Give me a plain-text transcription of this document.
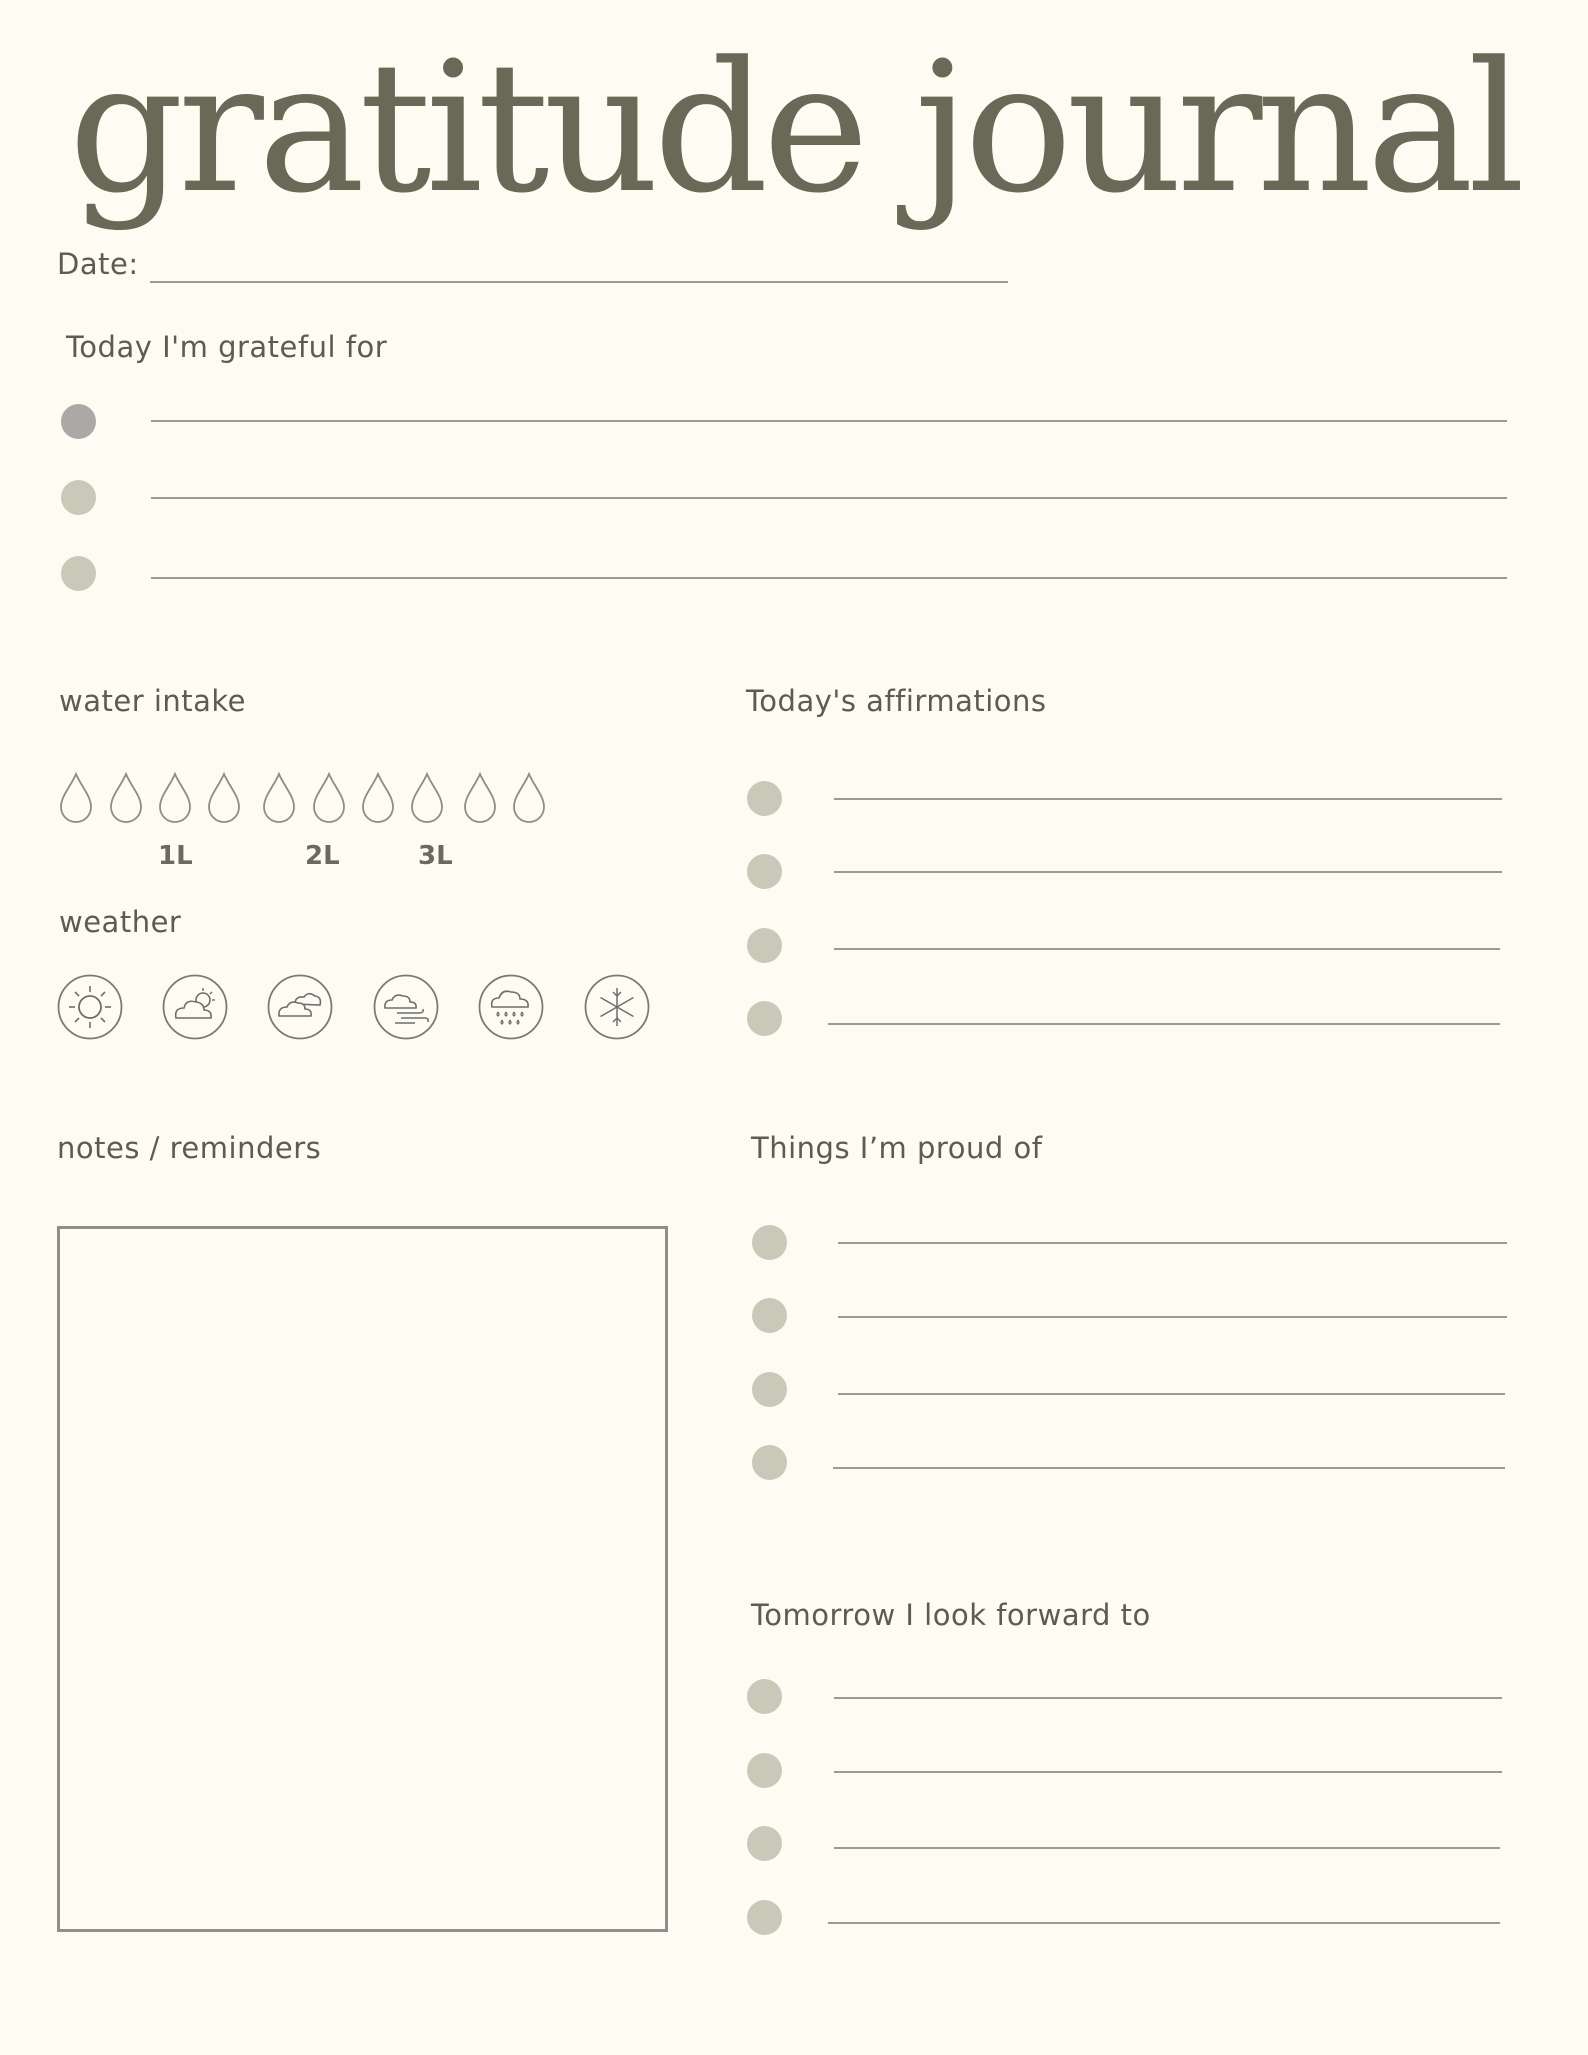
gratitude journal
Date:
Today I'm grateful for
water intake
1L	2L	3L
weather
Today's affirmations
notes / reminders	Things I’m proud of
Tomorrow I look forward to
